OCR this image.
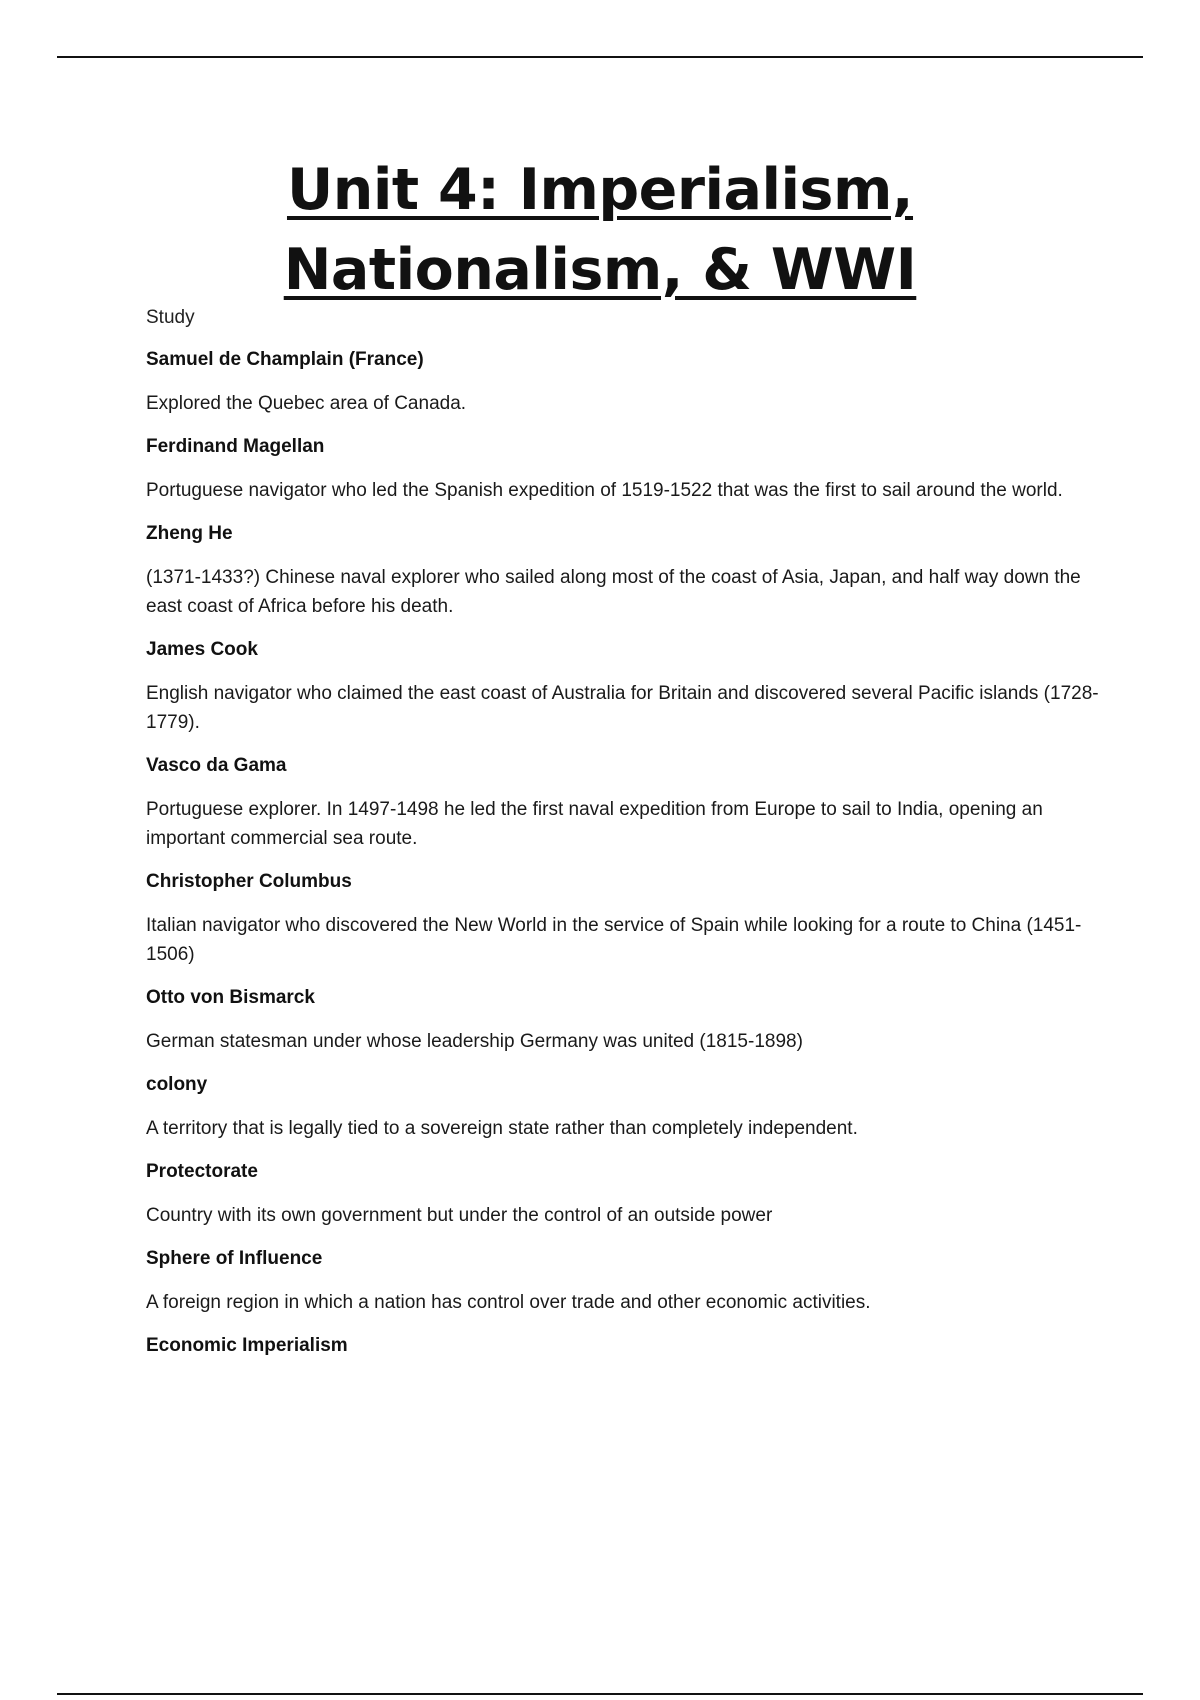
Unit 4: Imperialism,
Nationalism, & WWI

Study

Samuel de Champlain (France)

Explored the Quebec area of Canada.

Ferdinand Magellan

Portuguese navigator who led the Spanish expedition of 1519-1522 that was the first to sail around the world.

Zheng He

(1371-1433?) Chinese naval explorer who sailed along most of the coast of Asia, Japan, and half way down the east coast of Africa before his death.

James Cook

English navigator who claimed the east coast of Australia for Britain and discovered several Pacific islands (1728-1779).

Vasco da Gama

Portuguese explorer. In 1497-1498 he led the first naval expedition from Europe to sail to India, opening an important commercial sea route.

Christopher Columbus

Italian navigator who discovered the New World in the service of Spain while looking for a route to China (1451-1506)

Otto von Bismarck

German statesman under whose leadership Germany was united (1815-1898)

colony

A territory that is legally tied to a sovereign state rather than completely independent.

Protectorate

Country with its own government but under the control of an outside power

Sphere of Influence

A foreign region in which a nation has control over trade and other economic activities.

Economic Imperialism
